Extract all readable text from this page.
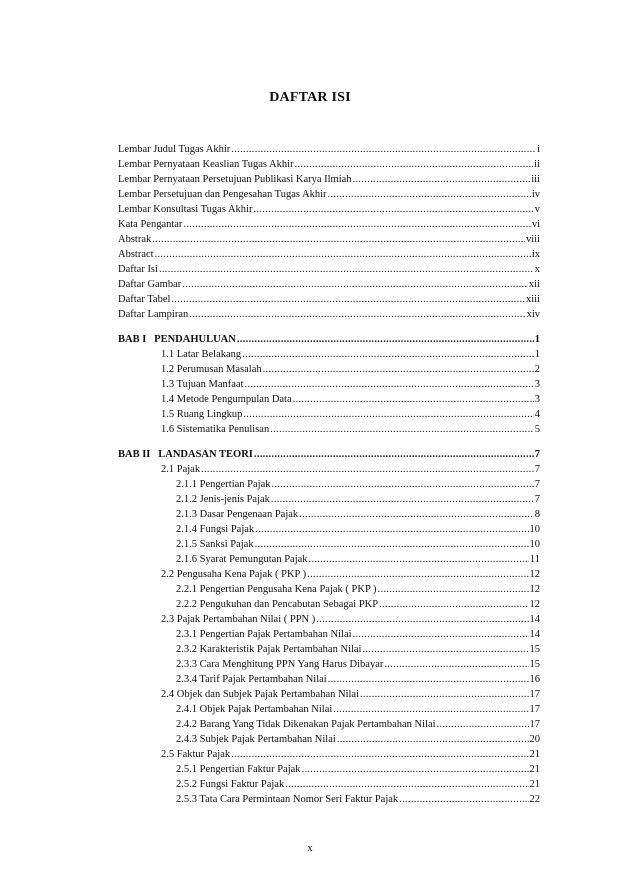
DAFTAR ISI
Lembar Judul Tugas Akhir .....	i
Lembar Pernyataan Keaslian Tugas Akhir .....	ii
Lembar Pernyataan Persetujuan Publikasi Karya Ilmiah .....	iii
Lembar Persetujuan dan Pengesahan Tugas Akhir .....	iv
Lembar Konsultasi Tugas Akhir .....	v
Kata Pengantar .....	vi
Abstrak .....	viii
Abstract .....	ix
Daftar Isi .....	x
Daftar Gambar .....	xii
Daftar Tabel .....	xiii
Daftar Lampiran .....	xiv
BAB I   PENDAHULUAN .....	1
1.1 Latar Belakang .....	1
1.2 Perumusan Masalah .....	2
1.3 Tujuan Manfaat .....	3
1.4 Metode Pengumpulan Data .....	3
1.5 Ruang Lingkup .....	4
1.6 Sistematika Penulisan .....	5
BAB II   LANDASAN TEORI .....	7
2.1 Pajak .....	7
2.1.1 Pengertian Pajak .....	7
2.1.2 Jenis-jenis Pajak .....	7
2.1.3 Dasar Pengenaan Pajak .....	8
2.1.4 Fungsi Pajak .....	10
2.1.5 Sanksi Pajak .....	10
2.1.6 Syarat Pemungutan Pajak .....	11
2.2 Pengusaha Kena Pajak ( PKP ) .....	12
2.2.1 Pengertian Pengusaha Kena Pajak ( PKP ) .....	12
2.2.2 Pengukuhan dan Pencabutan Sebagai PKP .....	12
2.3 Pajak Pertambahan Nilai ( PPN ) .....	14
2.3.1 Pengertian Pajak Pertambahan Nilai .....	14
2.3.2 Karakteristik Pajak Pertambahan Nilai .....	15
2.3.3 Cara Menghitung PPN Yang Harus Dibayar .....	15
2.3.4 Tarif Pajak Pertambahan Nilai .....	16
2.4 Objek dan Subjek Pajak Pertambahan Nilai .....	17
2.4.1 Objek Pajak Pertambahan Nilai .....	17
2.4.2 Barang Yang Tidak Dikenakan Pajak Pertambahan Nilai .....	17
2.4.3 Subjek Pajak Pertambahan Nilai .....	20
2.5 Faktur Pajak .....	21
2.5.1 Pengertian Faktur Pajak .....	21
2.5.2 Fungsi Faktur Pajak .....	21
2.5.3 Tata Cara Permintaan Nomor Seri Faktur Pajak .....	22
x
